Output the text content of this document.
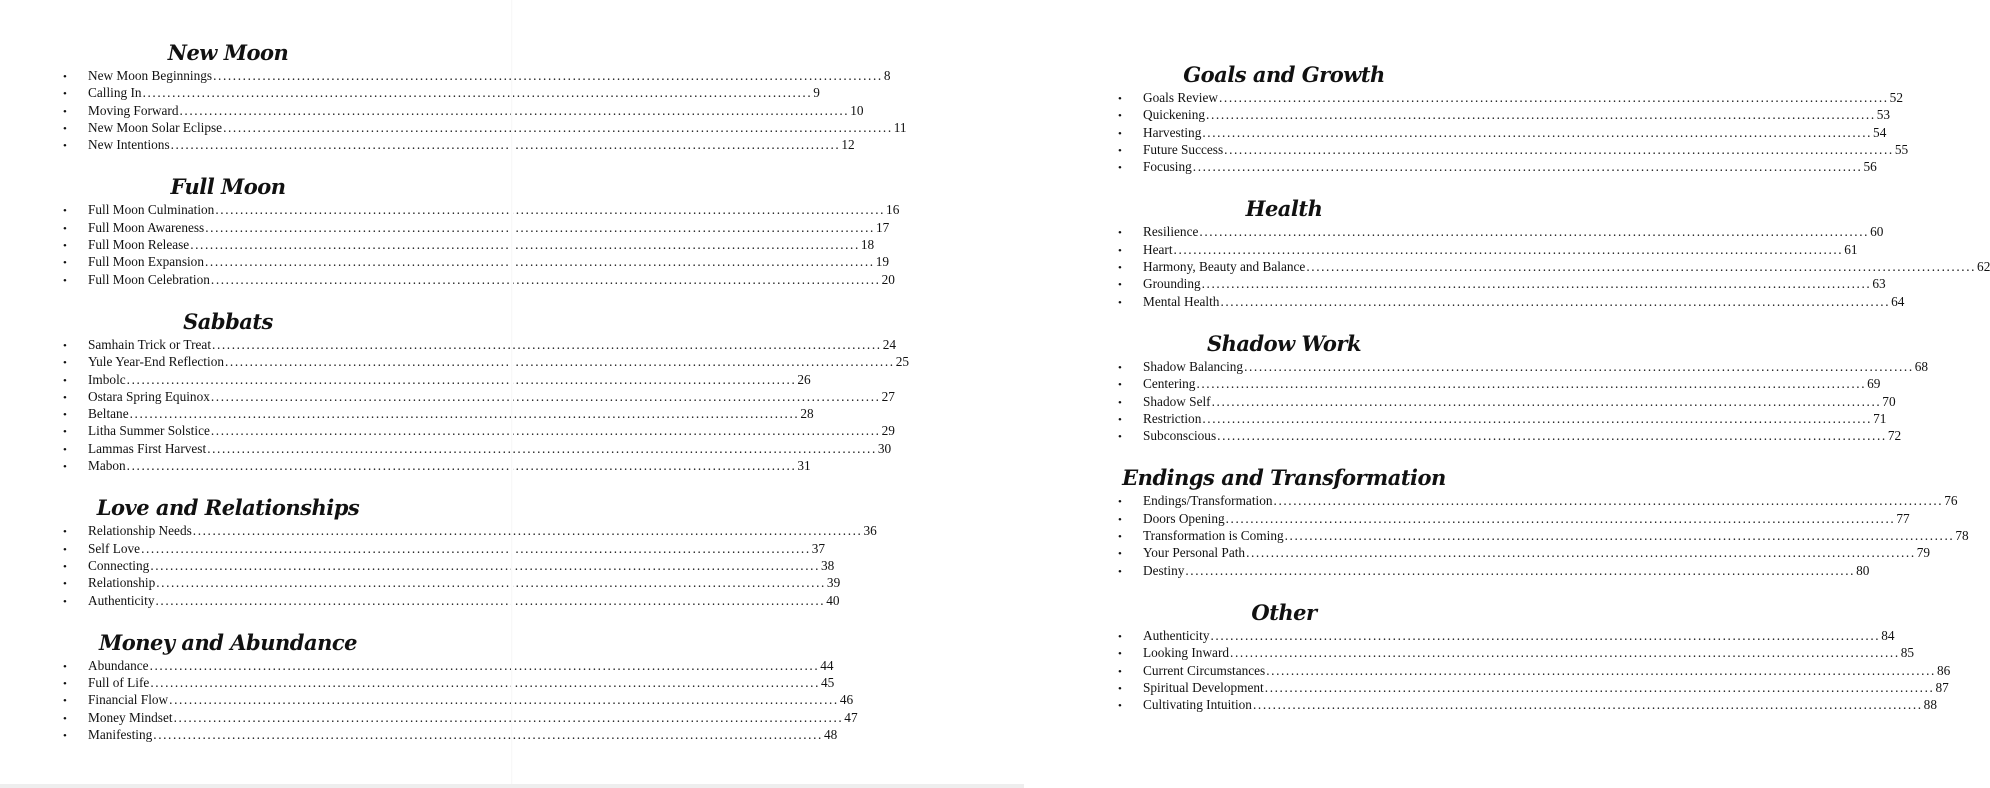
New Moon
•	New Moon Beginnings .....	8
•	Calling In .....	9
•	Moving Forward .....	10
•	New Moon Solar Eclipse .....	11
•	New Intentions .....	12
Full Moon
•	Full Moon Culmination .....	16
•	Full Moon Awareness .....	17
•	Full Moon Release .....	18
•	Full Moon Expansion .....	19
•	Full Moon Celebration .....	20
Sabbats
•	Samhain Trick or Treat .....	24
•	Yule Year-End Reflection .....	25
•	Imbolc .....	26
•	Ostara Spring Equinox .....	27
•	Beltane .....	28
•	Litha Summer Solstice .....	29
•	Lammas First Harvest .....	30
•	Mabon .....	31
Love and Relationships
•	Relationship Needs .....	36
•	Self Love .....	37
•	Connecting .....	38
•	Relationship .....	39
•	Authenticity .....	40
Money and Abundance
•	Abundance .....	44
•	Full of Life .....	45
•	Financial Flow .....	46
•	Money Mindset .....	47
•	Manifesting .....	48
Goals and Growth
•	Goals Review .....	52
•	Quickening .....	53
•	Harvesting .....	54
•	Future Success .....	55
•	Focusing .....	56
Health
•	Resilience .....	60
•	Heart .....	61
•	Harmony, Beauty and Balance .....	62
•	Grounding .....	63
•	Mental Health .....	64
Shadow Work
•	Shadow Balancing .....	68
•	Centering .....	69
•	Shadow Self .....	70
•	Restriction .....	71
•	Subconscious .....	72
Endings and Transformation
•	Endings/Transformation .....	76
•	Doors Opening .....	77
•	Transformation is Coming .....	78
•	Your Personal Path .....	79
•	Destiny .....	80
Other
•	Authenticity .....	84
•	Looking Inward .....	85
•	Current Circumstances .....	86
•	Spiritual Development .....	87
•	Cultivating Intuition .....	88
